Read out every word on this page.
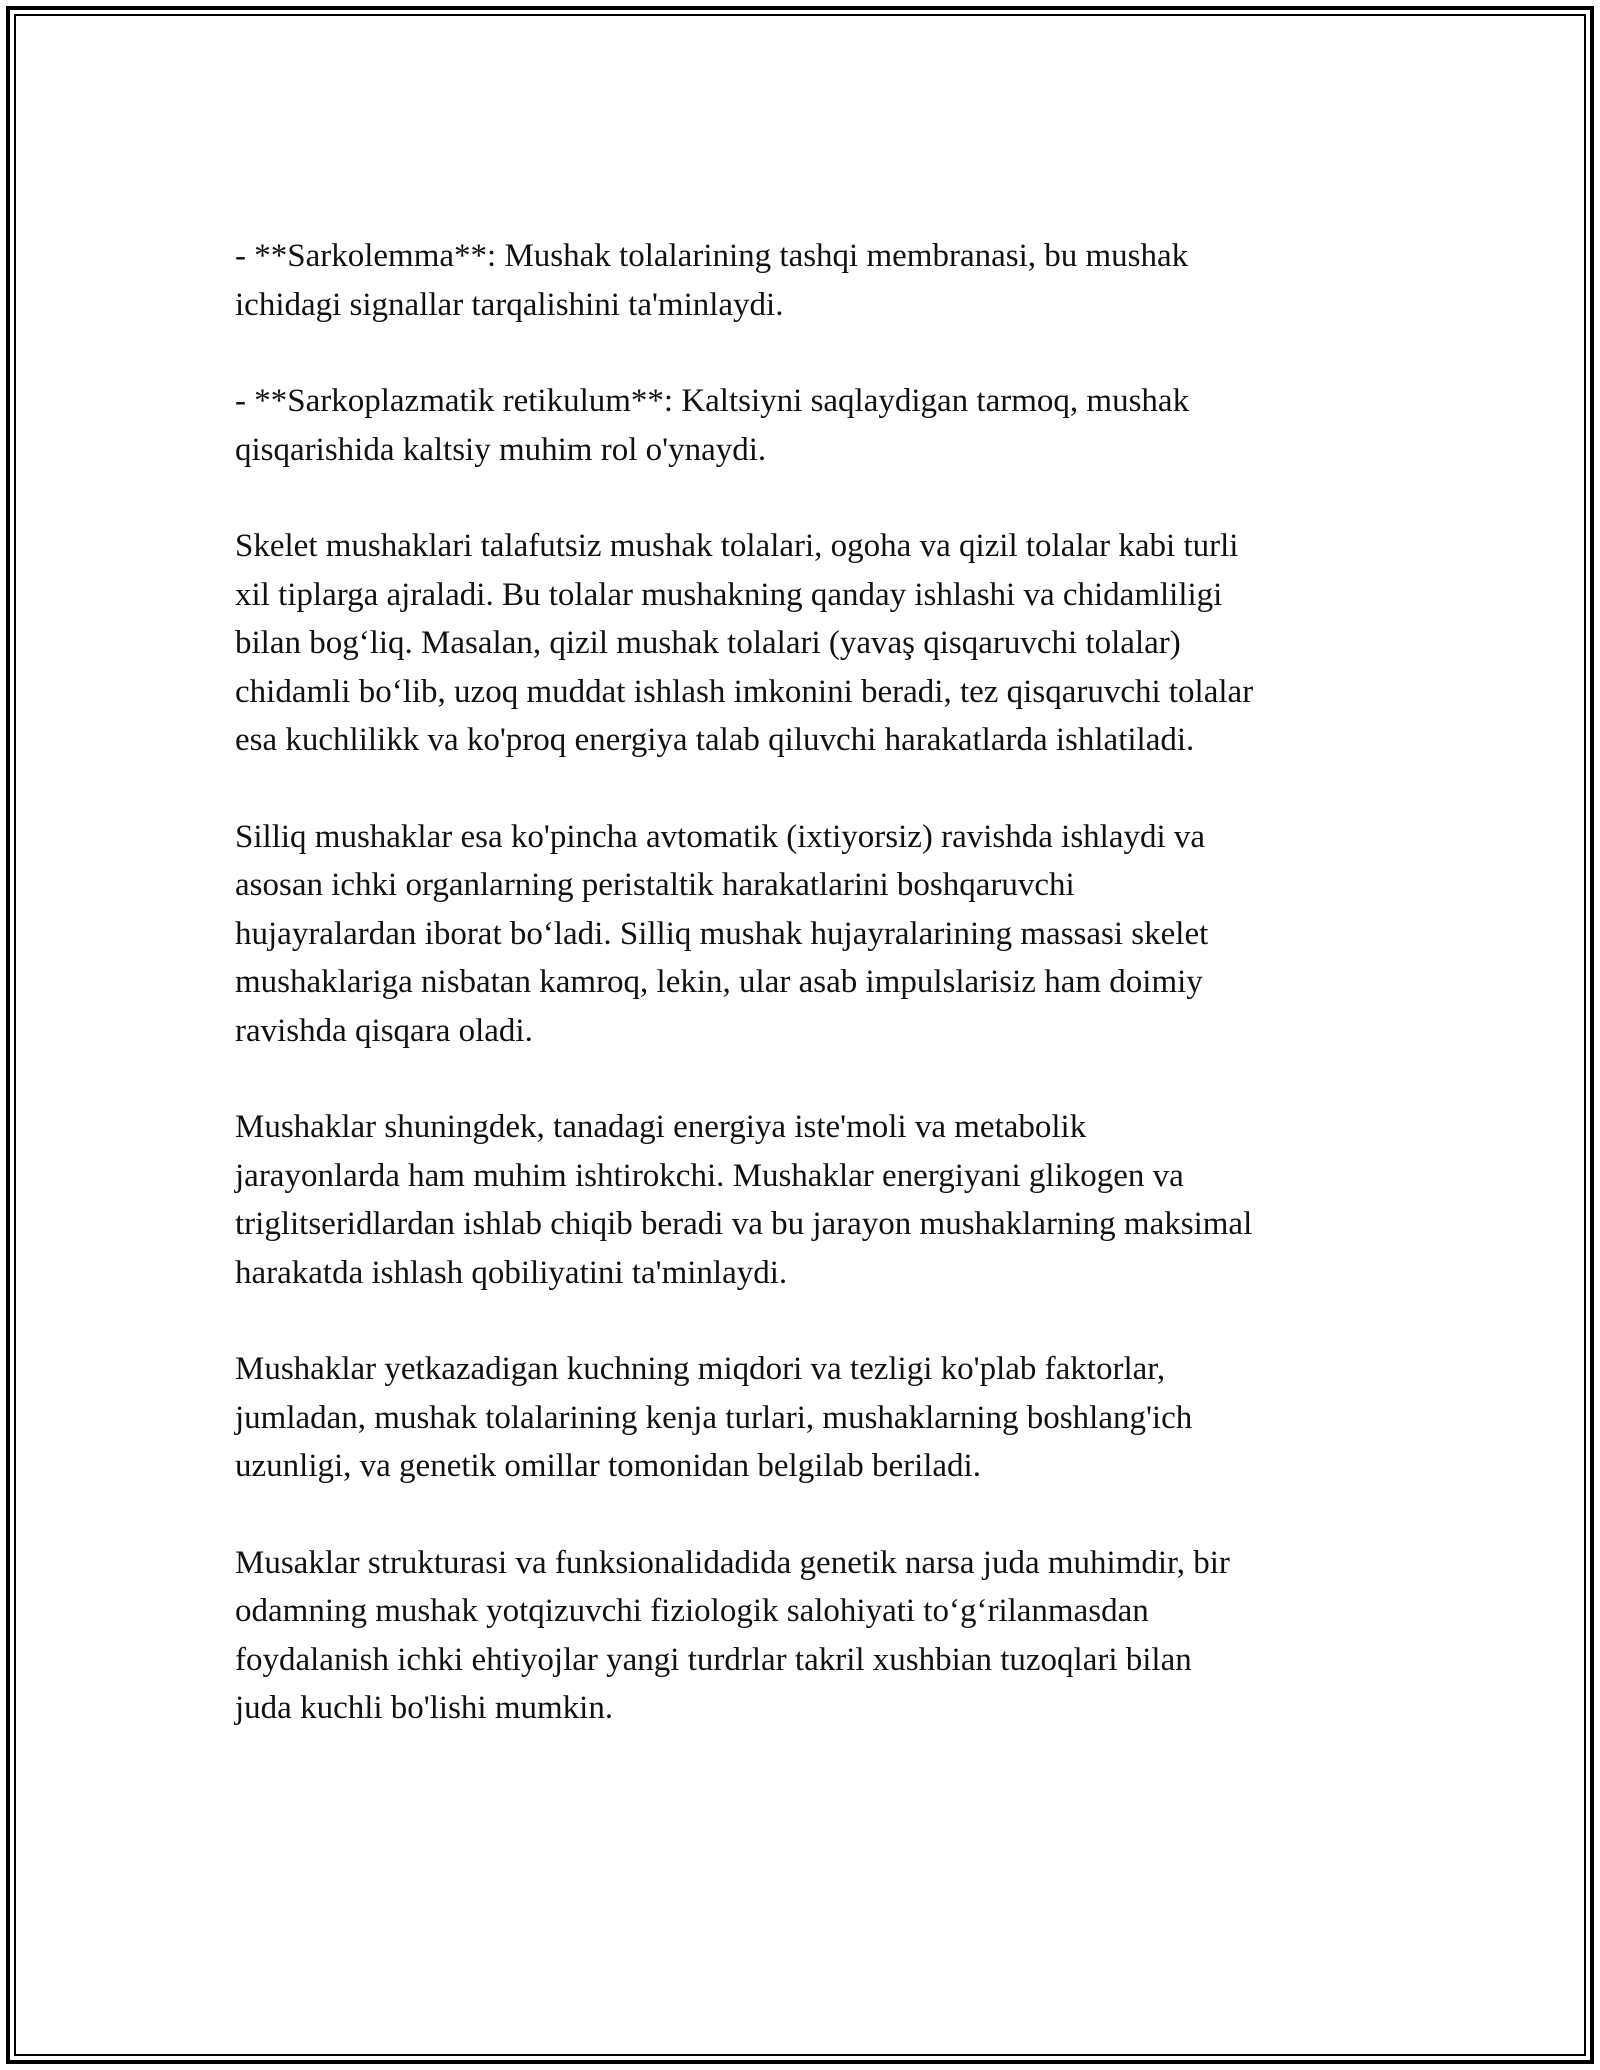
- **Sarkolemma**: Mushak tolalarining tashqi membranasi, bu mushak
ichidagi signallar tarqalishini ta'minlaydi.

- **Sarkoplazmatik retikulum**: Kaltsiyni saqlaydigan tarmoq, mushak
qisqarishida kaltsiy muhim rol o'ynaydi.

Skelet mushaklari talafutsiz mushak tolalari, ogoha va qizil tolalar kabi turli
xil tiplarga ajraladi. Bu tolalar mushakning qanday ishlashi va chidamliligi
bilan bog‘liq. Masalan, qizil mushak tolalari (yavaş qisqaruvchi tolalar)
chidamli bo‘lib, uzoq muddat ishlash imkonini beradi, tez qisqaruvchi tolalar
esa kuchlilikk va ko'proq energiya talab qiluvchi harakatlarda ishlatiladi.

Silliq mushaklar esa ko'pincha avtomatik (ixtiyorsiz) ravishda ishlaydi va
asosan ichki organlarning peristaltik harakatlarini boshqaruvchi
hujayralardan iborat bo‘ladi. Silliq mushak hujayralarining massasi skelet
mushaklariga nisbatan kamroq, lekin, ular asab impulslarisiz ham doimiy
ravishda qisqara oladi.

Mushaklar shuningdek, tanadagi energiya iste'moli va metabolik
jarayonlarda ham muhim ishtirokchi. Mushaklar energiyani glikogen va
triglitseridlardan ishlab chiqib beradi va bu jarayon mushaklarning maksimal
harakatda ishlash qobiliyatini ta'minlaydi.

Mushaklar yetkazadigan kuchning miqdori va tezligi ko'plab faktorlar,
jumladan, mushak tolalarining kenja turlari, mushaklarning boshlang'ich
uzunligi, va genetik omillar tomonidan belgilab beriladi.

Musaklar strukturasi va funksionalidadida genetik narsa juda muhimdir, bir
odamning mushak yotqizuvchi fiziologik salohiyati to‘g‘rilanmasdan
foydalanish ichki ehtiyojlar yangi turdrlar takril xushbian tuzoqlari bilan
juda kuchli bo'lishi mumkin.
